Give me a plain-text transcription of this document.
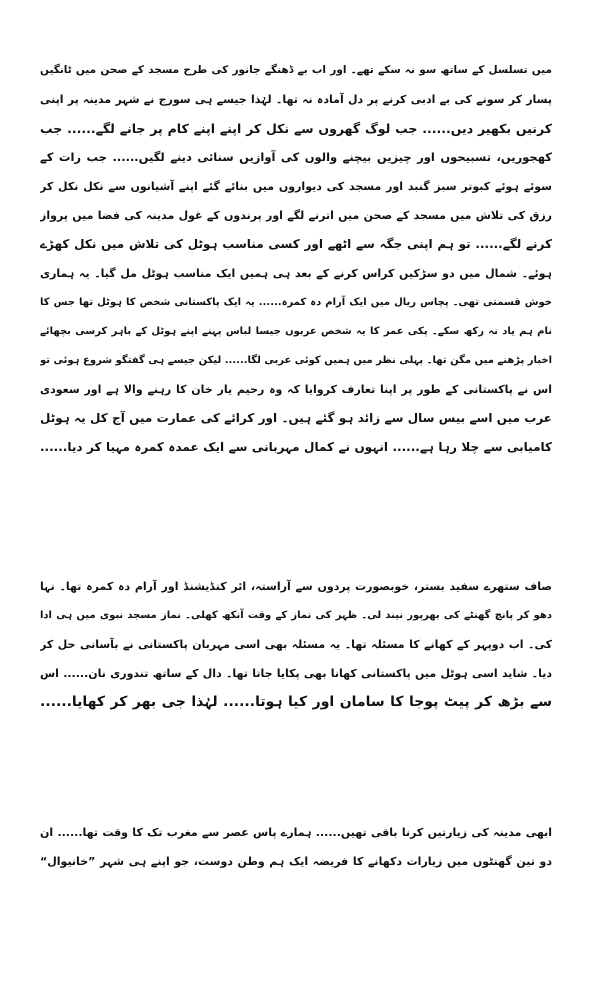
میں تسلسل کے ساتھ سو نہ سکے تھے۔ اور اب بے ڈھنگے جانور کی طرح مسجد کے صحن میں ٹانگیں
پسار کر سونے کی بے ادبی کرنے پر دل آمادہ نہ تھا۔ لہٰذا جیسے ہی سورج نے شہر مدینہ پر اپنی
کرنیں بکھیر دیں...... جب لوگ گھروں سے نکل کر اپنے اپنے کام پر جانے لگے...... جب
کھجوریں، تسبیحوں اور چیزیں بیچنے والوں کی آوازیں سنائی دینے لگیں...... جب رات کے
سوئے ہوئے کبوتر سبز گنبد اور مسجد کی دیواروں میں بنائے گئے اپنے آشیانوں سے نکل نکل کر
رزق کی تلاش میں مسجد کے صحن میں اترنے لگے اور پرندوں کے غول مدینہ کی فضا میں پرواز
کرنے لگے...... تو ہم اپنی جگہ سے اٹھے اور کسی مناسب ہوٹل کی تلاش میں نکل کھڑے
ہوئے۔ شمال میں دو سڑکیں کراس کرنے کے بعد ہی ہمیں ایک مناسب ہوٹل مل گیا۔ یہ ہماری
خوش قسمتی تھی۔ پچاس ریال میں ایک آرام دہ کمرہ...... یہ ایک پاکستانی شخص کا ہوٹل تھا جس کا
نام ہم یاد نہ رکھ سکے۔ پکی عمر کا یہ شخص عربوں جیسا لباس پہنے اپنے ہوٹل کے باہر کرسی بچھائے
اخبار پڑھنے میں مگن تھا۔ پہلی نظر میں ہمیں کوئی عربی لگا...... لیکن جیسے ہی گفتگو شروع ہوئی تو
اس نے پاکستانی کے طور پر اپنا تعارف کروایا کہ وہ رحیم یار خان کا رہنے والا ہے اور سعودی
عرب میں اسے بیس سال سے زائد ہو گئے ہیں۔ اور کرائے کی عمارت میں آج کل یہ ہوٹل
کامیابی سے چلا رہا ہے...... انہوں نے کمال مہربانی سے ایک عمدہ کمرہ مہیا کر دیا......
صاف ستھرے سفید بستر، خوبصورت پردوں سے آراستہ، ائر کنڈیشنڈ اور آرام دہ کمرہ تھا۔ نہا
دھو کر پانچ گھنٹے کی بھرپور نیند لی۔ ظہر کی نماز کے وقت آنکھ کھلی۔ نماز مسجد نبوی میں ہی ادا
کی۔ اب دوپہر کے کھانے کا مسئلہ تھا۔ یہ مسئلہ بھی اسی مہربان پاکستانی نے بآسانی حل کر
دیا۔ شاید اسی ہوٹل میں پاکستانی کھانا بھی پکایا جاتا تھا۔ دال کے ساتھ تندوری نان...... اس
سے بڑھ کر پیٹ پوجا کا سامان اور کیا ہوتا...... لہٰذا جی بھر کر کھایا......
ابھی مدینہ کی زیارتیں کرنا باقی تھیں...... ہمارے پاس عصر سے مغرب تک کا وقت تھا...... ان
دو تین گھنٹوں میں زیارات دکھانے کا فریضہ ایک ہم وطن دوست، جو اپنے ہی شہر ”خانیوال“
